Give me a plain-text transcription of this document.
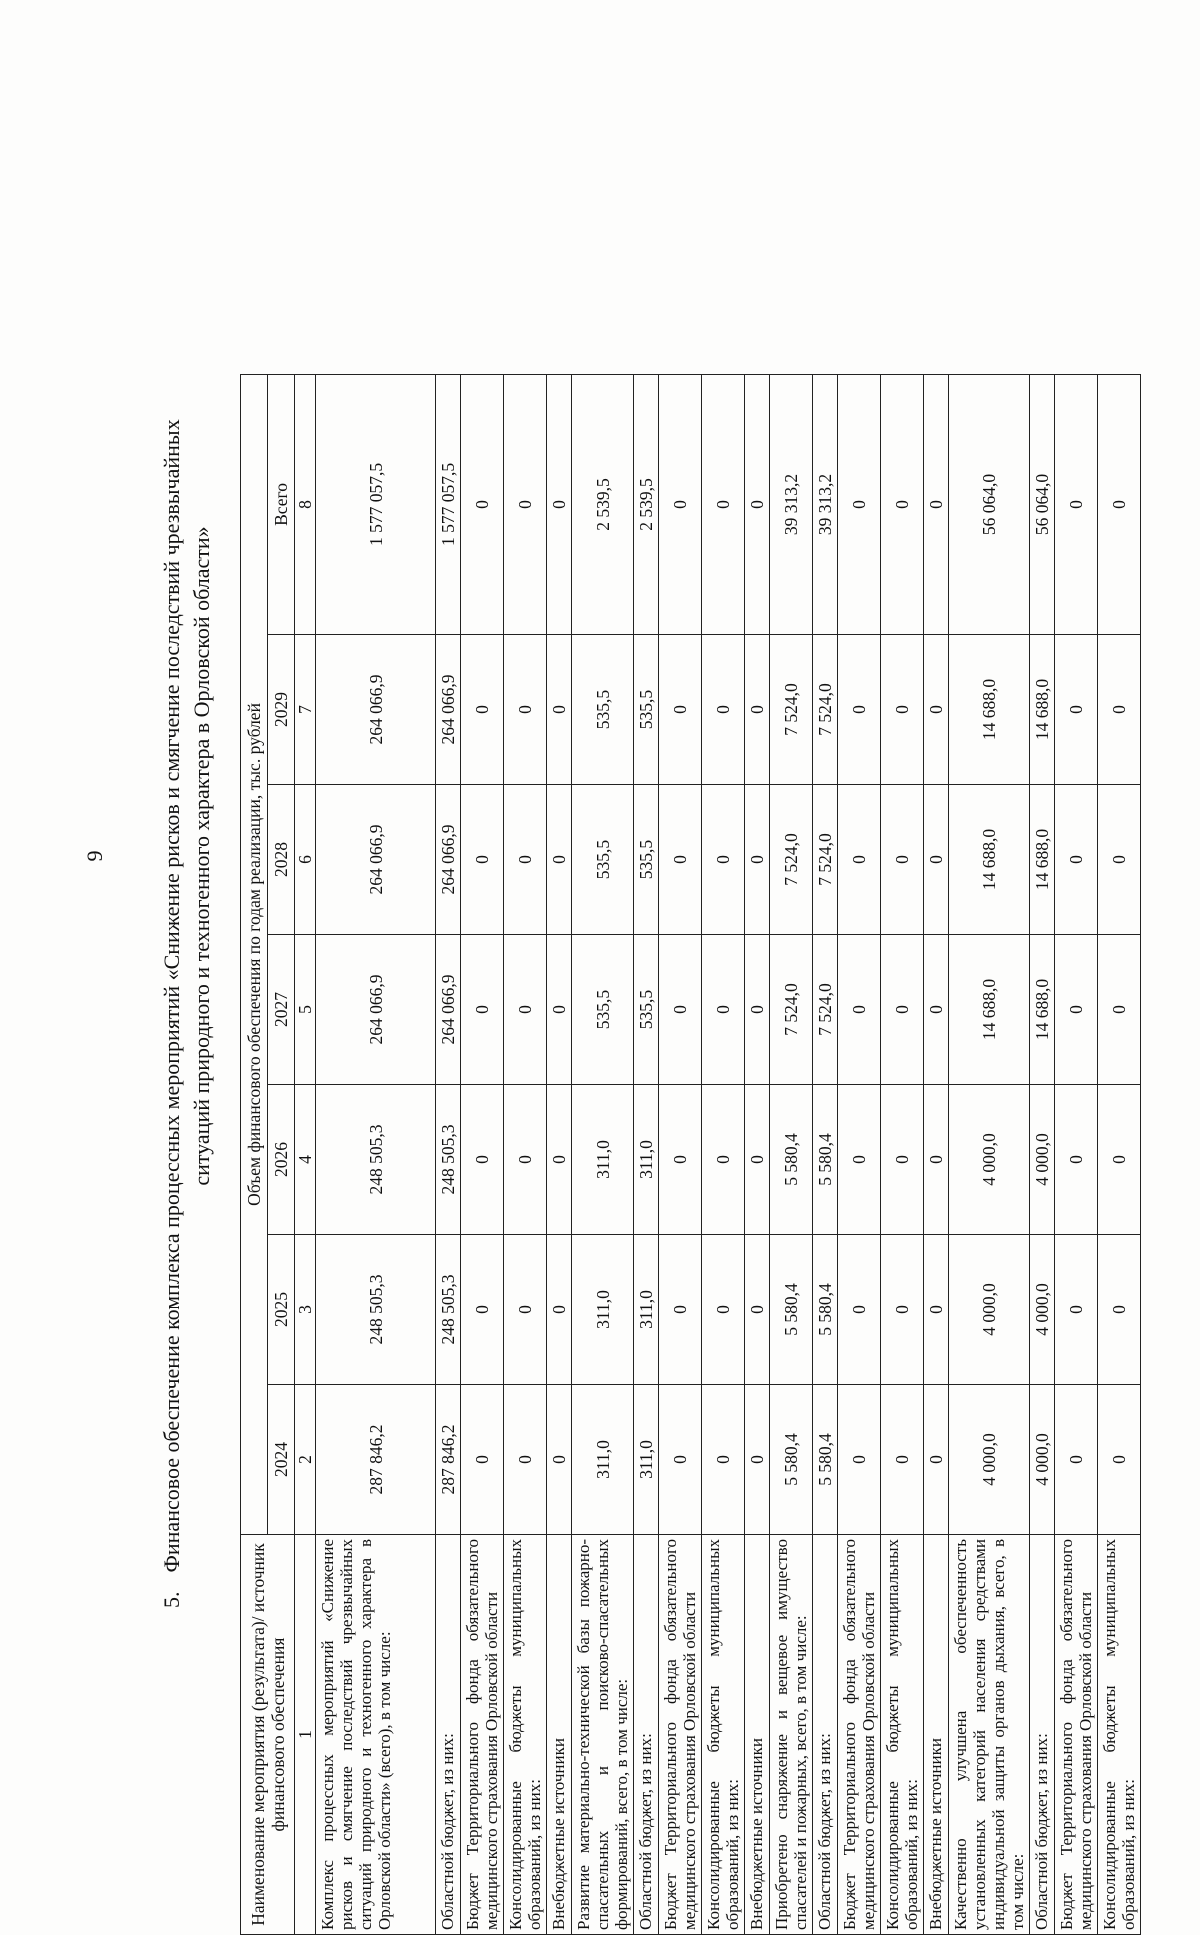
9
5. Финансовое обеспечение комплекса процессных мероприятий «Снижение рисков и смягчение последствий чрезвычайных ситуаций природного и техногенного характера в Орловской области»
Наименование мероприятия (результата)/ источник финансового обеспечения	Объем финансового обеспечения по годам реализации, тыс. рублей						
	2024	2025	2026	2027	2028	2029	Всего
1	2	3	4	5	6	7	8
Комплекс процессных мероприятий «Снижение рисков и смягчение последствий чрезвычайных ситуаций природного и техногенного характера в Орловской области» (всего), в том числе:	287 846,2	248 505,3	248 505,3	264 066,9	264 066,9	264 066,9	1 577 057,5
Областной бюджет, из них:	287 846,2	248 505,3	248 505,3	264 066,9	264 066,9	264 066,9	1 577 057,5
Бюджет Территориального фонда обязательного медицинского страхования Орловской области	0	0	0	0	0	0	0
Консолидированные бюджеты муниципальных образований, из них:	0	0	0	0	0	0	0
Внебюджетные источники	0	0	0	0	0	0	0
Развитие материально-технической базы пожарно-спасательных и поисково-спасательных формирований, всего, в том числе:	311,0	311,0	311,0	535,5	535,5	535,5	2 539,5
Областной бюджет, из них:	311,0	311,0	311,0	535,5	535,5	535,5	2 539,5
Бюджет Территориального фонда обязательного медицинского страхования Орловской области	0	0	0	0	0	0	0
Консолидированные бюджеты муниципальных образований, из них:	0	0	0	0	0	0	0
Внебюджетные источники	0	0	0	0	0	0	0
Приобретено снаряжение и вещевое имущество спасателей и пожарных, всего, в том числе:	5 580,4	5 580,4	5 580,4	7 524,0	7 524,0	7 524,0	39 313,2
Областной бюджет, из них:	5 580,4	5 580,4	5 580,4	7 524,0	7 524,0	7 524,0	39 313,2
Бюджет Территориального фонда обязательного медицинского страхования Орловской области	0	0	0	0	0	0	0
Консолидированные бюджеты муниципальных образований, из них:	0	0	0	0	0	0	0
Внебюджетные источники	0	0	0	0	0	0	0
Качественно улучшена обеспеченность установленных категорий населения средствами индивидуальной защиты органов дыхания, всего, в том числе:	4 000,0	4 000,0	4 000,0	14 688,0	14 688,0	14 688,0	56 064,0
Областной бюджет, из них:	4 000,0	4 000,0	4 000,0	14 688,0	14 688,0	14 688,0	56 064,0
Бюджет Территориального фонда обязательного медицинского страхования Орловской области	0	0	0	0	0	0	0
Консолидированные бюджеты муниципальных образований, из них:	0	0	0	0	0	0	0
